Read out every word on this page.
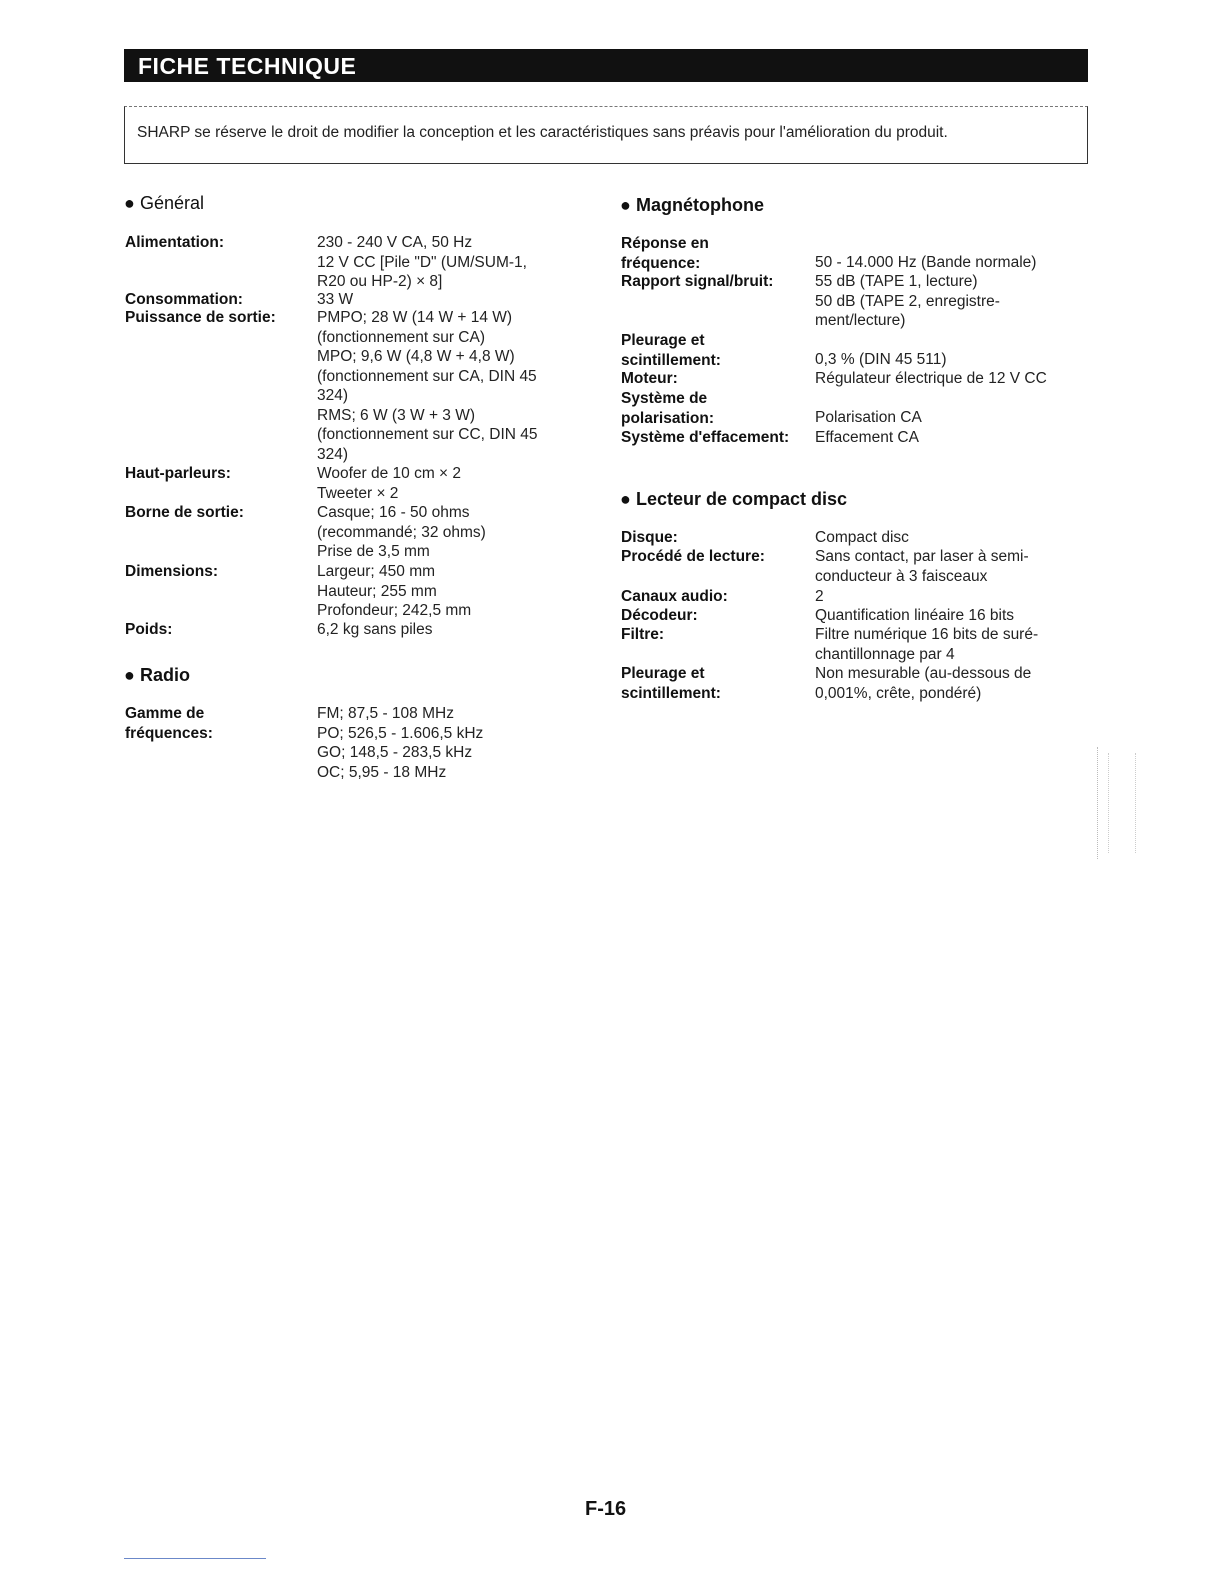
FICHE TECHNIQUE
SHARP se réserve le droit de modifier la conception et les caractéristiques sans préavis pour l'amélioration du produit.
● Général
Alimentation:	230 - 240 V CA, 50 Hz
12 V CC [Pile "D" (UM/SUM-1,
R20 ou HP-2) × 8]
Consommation:	33 W
Puissance de sortie:	PMPO; 28 W (14 W + 14 W)
(fonctionnement sur CA)
MPO; 9,6 W (4,8 W + 4,8 W)
(fonctionnement sur CA, DIN 45
324)
RMS; 6 W (3 W + 3 W)
(fonctionnement sur CC, DIN 45
324)
Haut-parleurs:	Woofer de 10 cm × 2
Tweeter × 2
Borne de sortie:	Casque; 16 - 50 ohms
(recommandé; 32 ohms)
Prise de 3,5 mm
Dimensions:	Largeur; 450 mm
Hauteur; 255 mm
Profondeur; 242,5 mm
Poids:	6,2 kg sans piles
● Radio
Gamme de
fréquences:
FM; 87,5 - 108 MHz
PO; 526,5 - 1.606,5 kHz
GO; 148,5 - 283,5 kHz
OC; 5,95 - 18 MHz
● Magnétophone
Réponse en
fréquence:	50 - 14.000 Hz (Bande normale)
Rapport signal/bruit:	55 dB (TAPE 1, lecture)
50 dB (TAPE 2, enregistre-
ment/lecture)
Pleurage et
scintillement:	0,3 % (DIN 45 511)
Moteur:	Régulateur électrique de 12 V CC
Système de
polarisation:	Polarisation CA
Système d'effacement: Effacement CA
● Lecteur de compact disc
Disque:	Compact disc
Procédé de lecture:	Sans contact, par laser à semi-
conducteur à 3 faisceaux
Canaux audio:	2
Décodeur:	Quantification linéaire 16 bits
Filtre:	Filtre numérique 16 bits de suré-
chantillonnage par 4
Pleurage et
scintillement:
Non mesurable (au-dessous de
0,001%, crête, pondéré)
F-16
